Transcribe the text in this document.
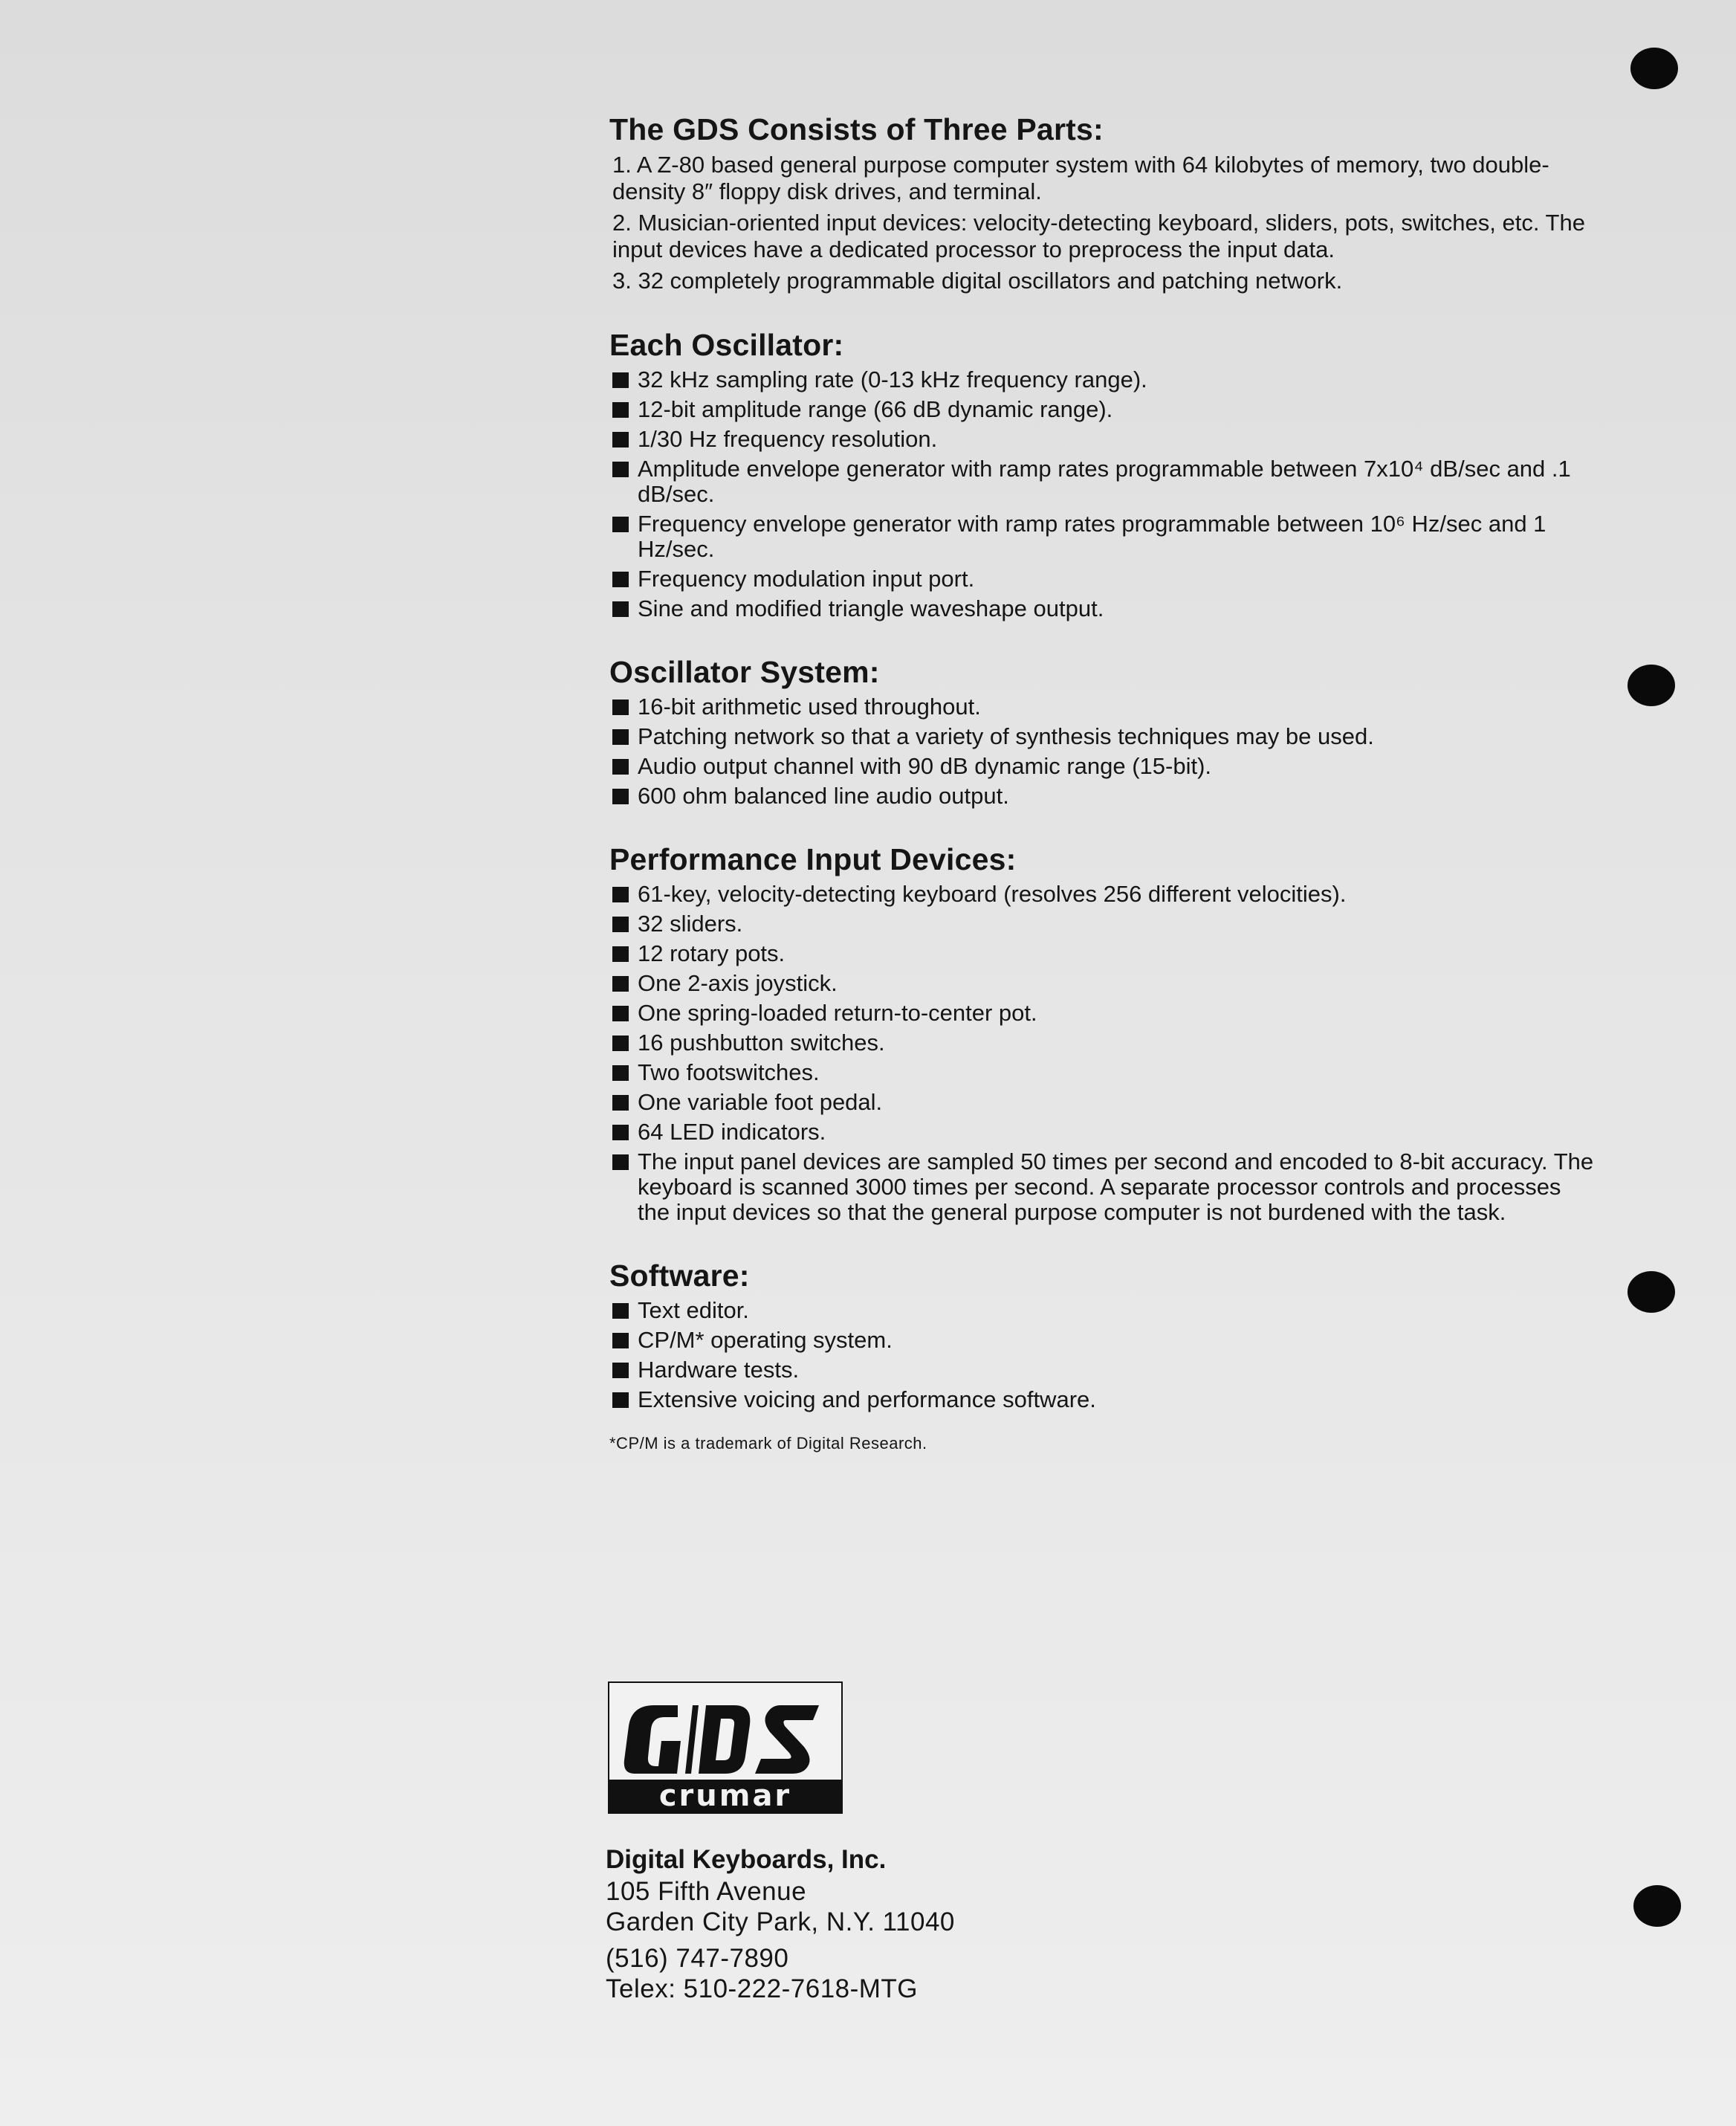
The GDS Consists of Three Parts:
1. A Z-80 based general purpose computer system with 64 kilobytes of memory, two double-density 8″ floppy disk drives, and terminal.
2. Musician-oriented input devices: velocity-detecting keyboard, sliders, pots, switches, etc. The input devices have a dedicated processor to preprocess the input data.
3. 32 completely programmable digital oscillators and patching network.
Each Oscillator:
32 kHz sampling rate (0-13 kHz frequency range).
12-bit amplitude range (66 dB dynamic range).
1/30 Hz frequency resolution.
Amplitude envelope generator with ramp rates programmable between 7x10⁴ dB/sec and .1 dB/sec.
Frequency envelope generator with ramp rates programmable between 10⁶ Hz/sec and 1 Hz/sec.
Frequency modulation input port.
Sine and modified triangle waveshape output.
Oscillator System:
16-bit arithmetic used throughout.
Patching network so that a variety of synthesis techniques may be used.
Audio output channel with 90 dB dynamic range (15-bit).
600 ohm balanced line audio output.
Performance Input Devices:
61-key, velocity-detecting keyboard (resolves 256 different velocities).
32 sliders.
12 rotary pots.
One 2-axis joystick.
One spring-loaded return-to-center pot.
16 pushbutton switches.
Two footswitches.
One variable foot pedal.
64 LED indicators.
The input panel devices are sampled 50 times per second and encoded to 8-bit accuracy. The keyboard is scanned 3000 times per second. A separate processor controls and processes the input devices so that the general purpose computer is not burdened with the task.
Software:
Text editor.
CP/M* operating system.
Hardware tests.
Extensive voicing and performance software.
*CP/M is a trademark of Digital Research.
crumar
Digital Keyboards, Inc.
105 Fifth Avenue
Garden City Park, N.Y. 11040
(516) 747-7890
Telex: 510-222-7618-MTG
